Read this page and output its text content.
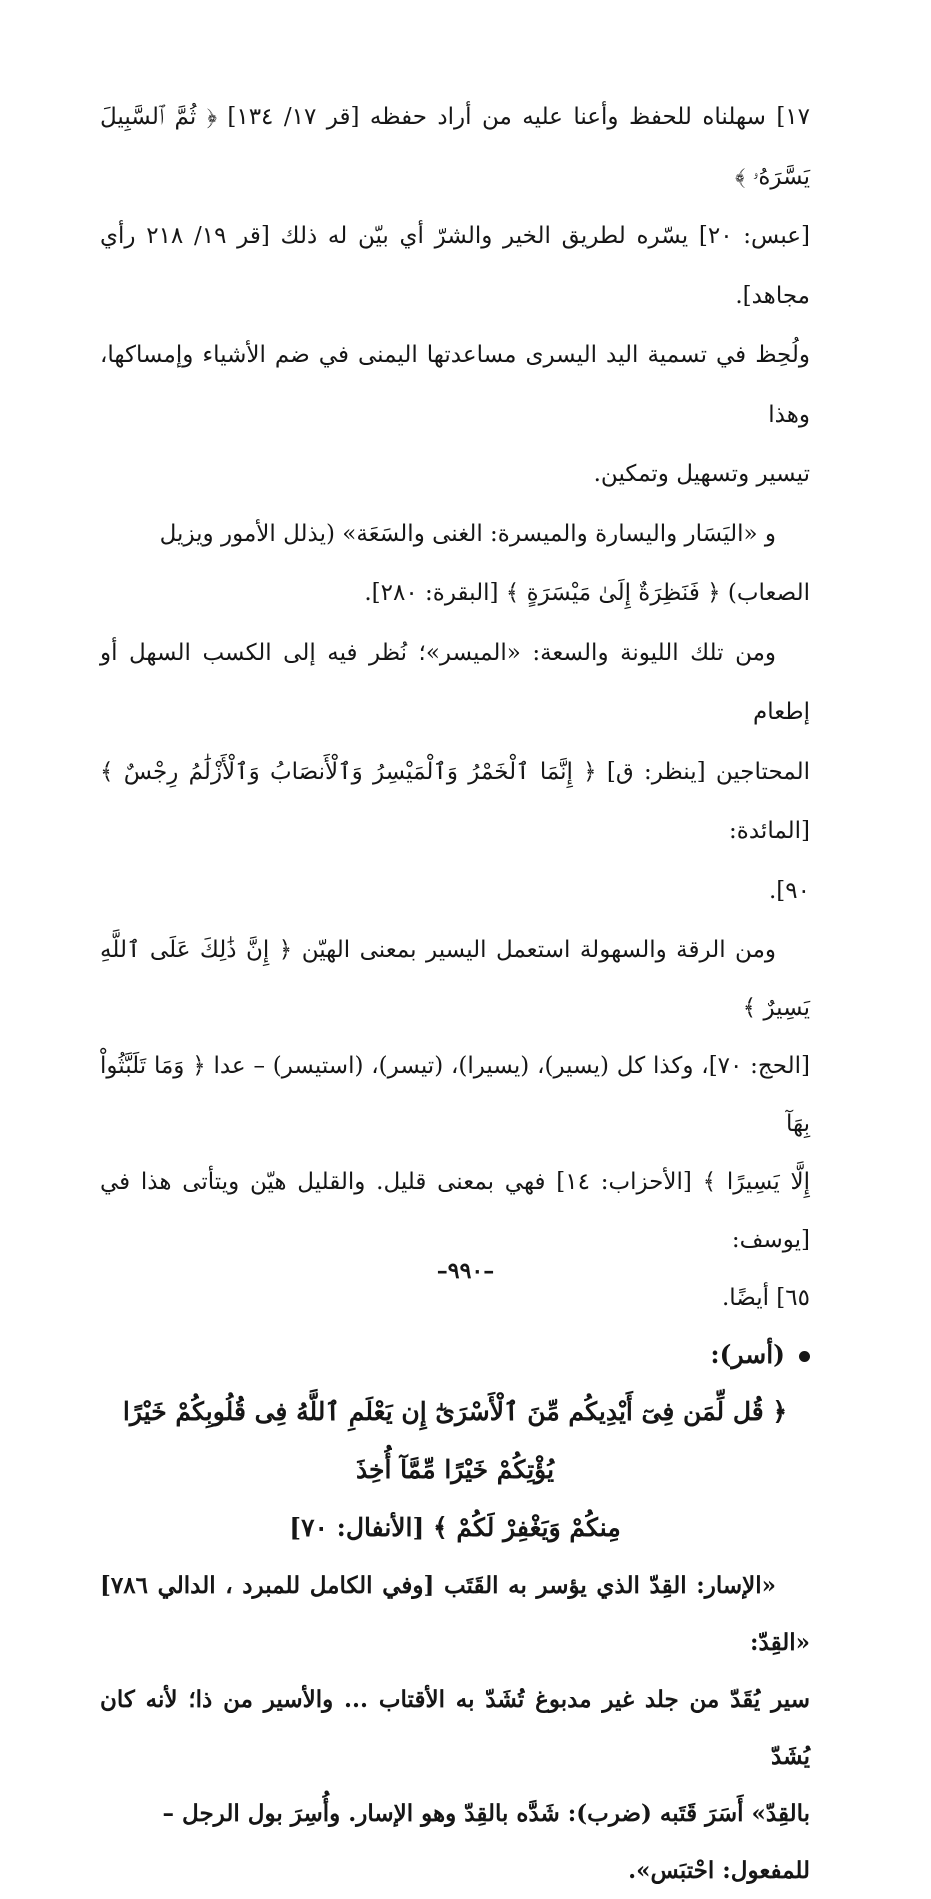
١٧] سهلناه للحفظ وأعنا عليه من أراد حفظه [قر ١٧/ ١٣٤] ﴿ ثُمَّ ٱلسَّبِيلَ يَسَّرَهُۥ ﴾
[عبس: ٢٠] يسّره لطريق الخير والشرّ أي بيّن له ذلك [قر ١٩/ ٢١٨ رأي مجاهد].
ولُحِظ في تسمية اليد اليسرى مساعدتها اليمنى في ضم الأشياء وإمساكها، وهذا
تيسير وتسهيل وتمكين.

و «اليَسَار واليسارة والميسرة: الغنى والسَعَة» (يذلل الأمور ويزيل
الصعاب) ﴿ فَنَظِرَةٌ إِلَىٰ مَيْسَرَةٍ ﴾ [البقرة: ٢٨٠].

ومن تلك الليونة والسعة: «الميسر»؛ نُظر فيه إلى الكسب السهل أو إطعام
المحتاجين [ينظر: ق] ﴿ إِنَّمَا ٱلْخَمْرُ وَٱلْمَيْسِرُ وَٱلْأَنصَابُ وَٱلْأَزْلَٰمُ رِجْسٌ ﴾ [المائدة:
٩٠].

ومن الرقة والسهولة استعمل اليسير بمعنى الهيّن ﴿ إِنَّ ذَٰلِكَ عَلَى ٱللَّهِ يَسِيرٌ ﴾
[الحج: ٧٠]، وكذا كل (يسير)، (يسيرا)، (تيسر)، (استيسر) – عدا ﴿ وَمَا تَلَبَّثُواْ بِهَآ
إِلَّا يَسِيرًا ﴾ [الأحزاب: ١٤] فهي بمعنى قليل. والقليل هيّن ويتأتى هذا في [يوسف:
٦٥] أيضًا.

(أسر):

﴿ قُل لِّمَن فِىٓ أَيْدِيكُم مِّنَ ٱلْأَسْرَىٰٓ إِن يَعْلَمِ ٱللَّهُ فِى قُلُوبِكُمْ خَيْرًا يُؤْتِكُمْ خَيْرًا مِّمَّآ أُخِذَ
مِنكُمْ وَيَغْفِرْ لَكُمْ ﴾ [الأنفال: ٧٠]

«الإسار: القِدّ الذي يؤسر به القَتَب [وفي الكامل للمبرد ، الدالي ٧٨٦] «القِدّ:
سير يُقَدّ من جلد غير مدبوغ تُشَدّ به الأقتاب ... والأسير من ذا؛ لأنه كان يُشَدّ
بالقِدّ» أَسَرَ قَتَبه (ضرب): شَدَّه بالقِدّ وهو الإسار. وأُسِرَ بول الرجل –
للمفعول: احْتبَس».

–٩٩٠–
